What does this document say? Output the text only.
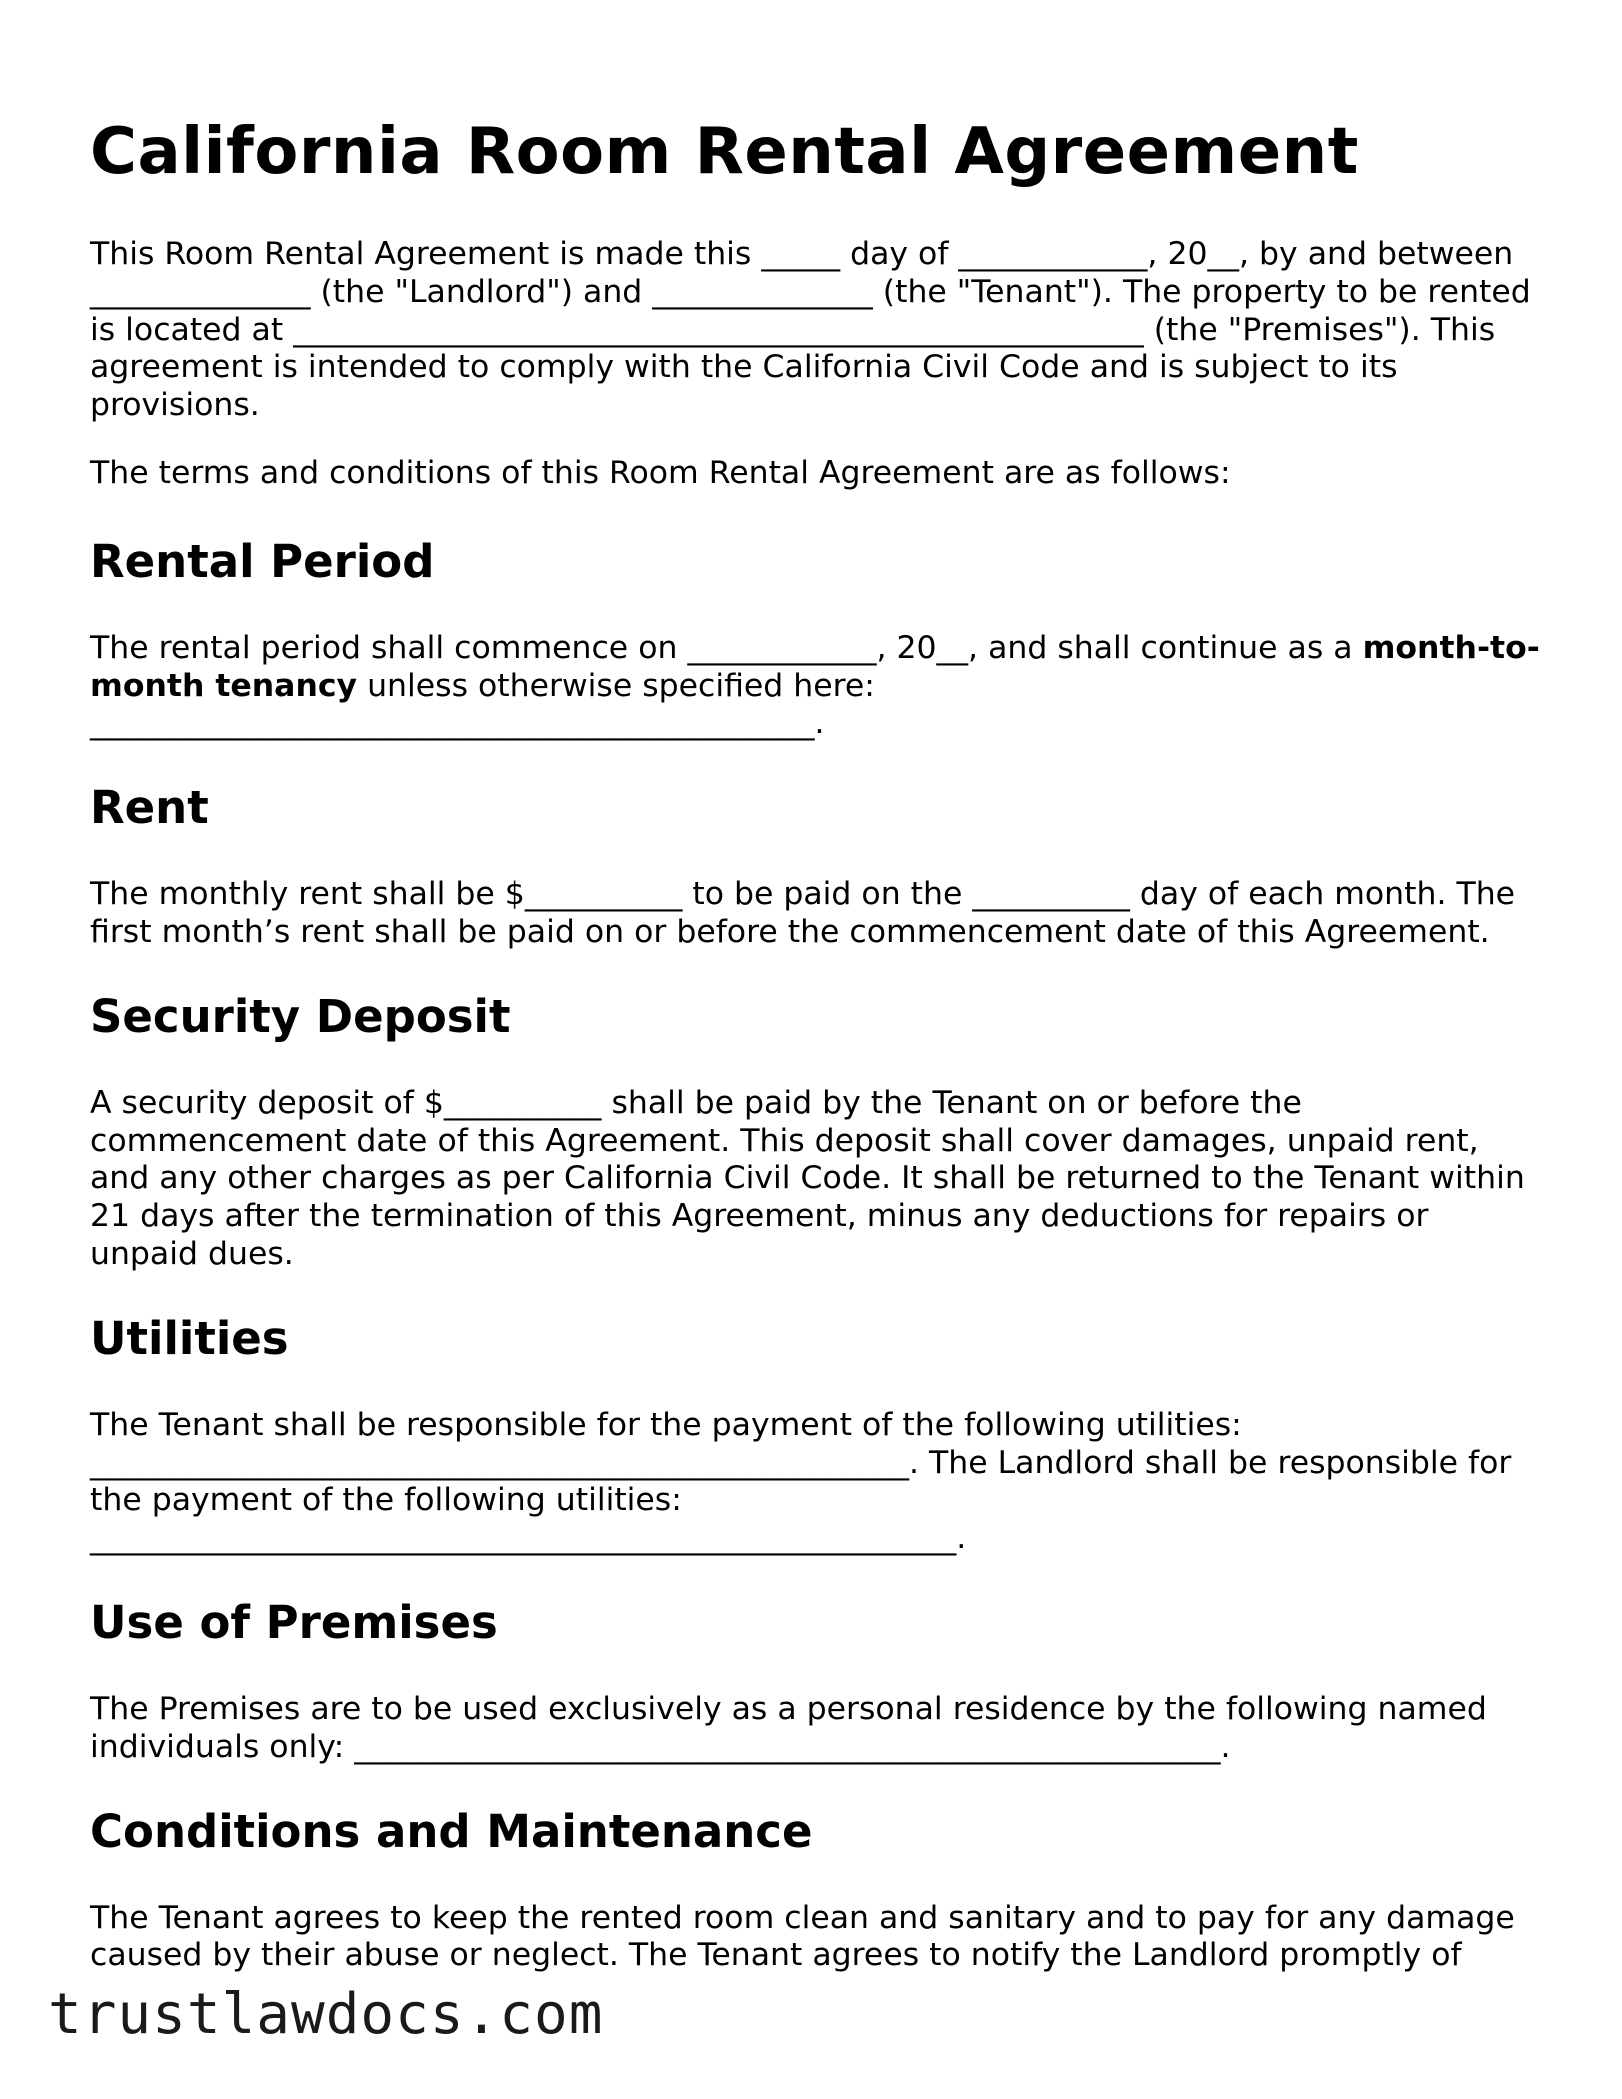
California Room Rental Agreement

This Room Rental Agreement is made this _____ day of ____________, 20__, by and between ______________ (the "Landlord") and ______________ (the "Tenant"). The property to be rented is located at ______________________________________________________ (the "Premises"). This agreement is intended to comply with the California Civil Code and is subject to its provisions.

The terms and conditions of this Room Rental Agreement are as follows:

Rental Period

The rental period shall commence on ____________, 20__, and shall continue as a month-to-month tenancy unless otherwise specified here: ______________________________________________.

Rent

The monthly rent shall be $__________ to be paid on the __________ day of each month. The first month’s rent shall be paid on or before the commencement date of this Agreement.

Security Deposit

A security deposit of $__________ shall be paid by the Tenant on or before the commencement date of this Agreement. This deposit shall cover damages, unpaid rent, and any other charges as per California Civil Code. It shall be returned to the Tenant within 21 days after the termination of this Agreement, minus any deductions for repairs or unpaid dues.

Utilities

The Tenant shall be responsible for the payment of the following utilities: ____________________________________________________. The Landlord shall be responsible for the payment of the following utilities: _______________________________________________________.

Use of Premises

The Premises are to be used exclusively as a personal residence by the following named individuals only: _______________________________________________________.

Conditions and Maintenance

The Tenant agrees to keep the rented room clean and sanitary and to pay for any damage caused by their abuse or neglect. The Tenant agrees to notify the Landlord promptly of

trustlawdocs.com
